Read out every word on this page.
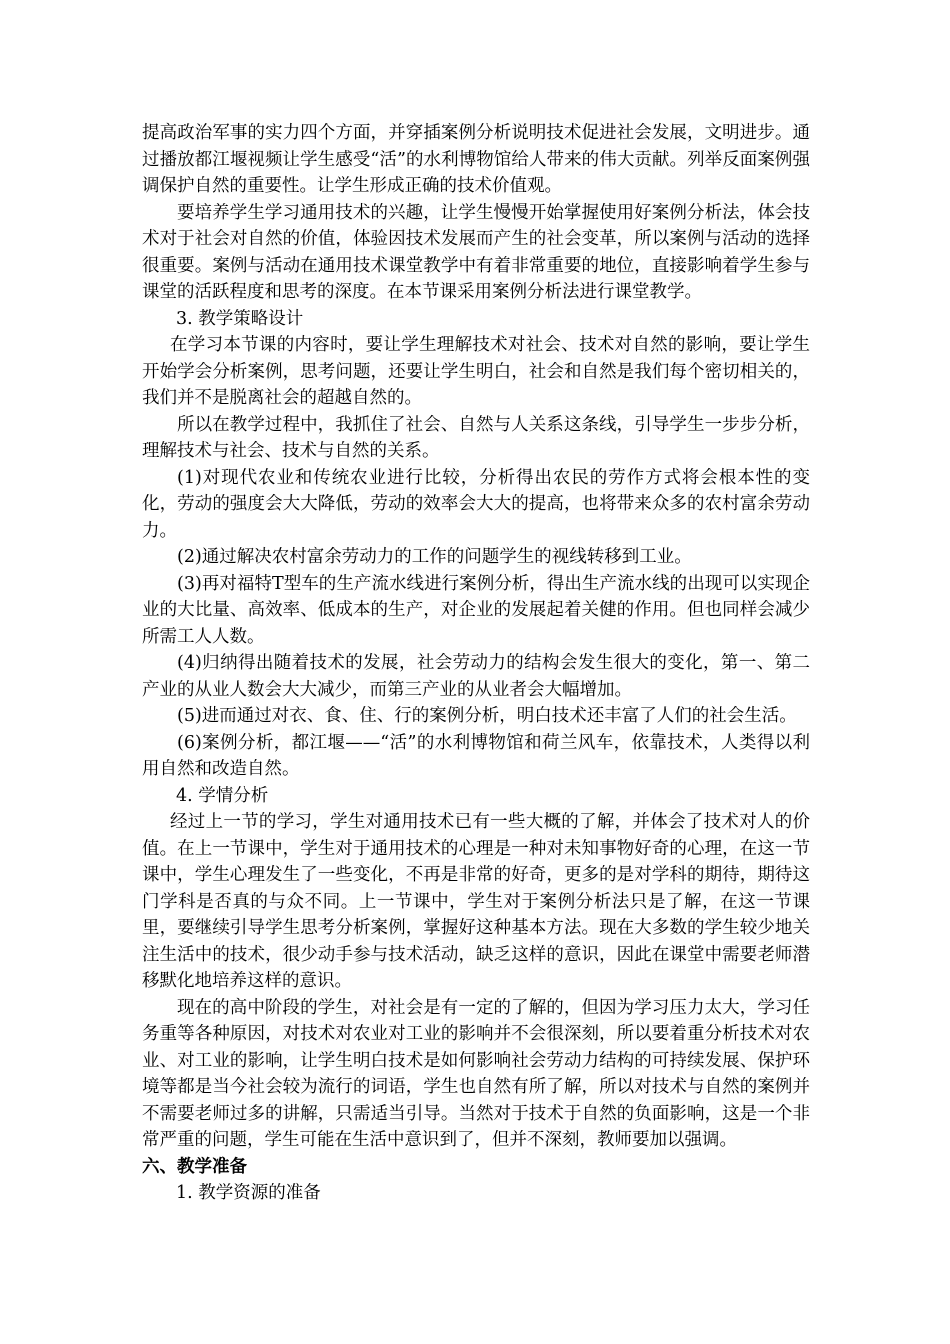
提高政治军事的实力四个方面，并穿插案例分析说明技术促进社会发展，文明进步。通过播放都江堰视频让学生感受“活”的水利博物馆给人带来的伟大贡献。列举反面案例强调保护自然的重要性。让学生形成正确的技术价值观。

要培养学生学习通用技术的兴趣，让学生慢慢开始掌握使用好案例分析法，体会技术对于社会对自然的价值，体验因技术发展而产生的社会变革，所以案例与活动的选择很重要。案例与活动在通用技术课堂教学中有着非常重要的地位，直接影响着学生参与课堂的活跃程度和思考的深度。在本节课采用案例分析法进行课堂教学。

3. 教学策略设计

在学习本节课的内容时，要让学生理解技术对社会、技术对自然的影响，要让学生开始学会分析案例，思考问题，还要让学生明白，社会和自然是我们每个密切相关的，我们并不是脱离社会的超越自然的。

所以在教学过程中，我抓住了社会、自然与人关系这条线，引导学生一步步分析，理解技术与社会、技术与自然的关系。

(1)对现代农业和传统农业进行比较，分析得出农民的劳作方式将会根本性的变化，劳动的强度会大大降低，劳动的效率会大大的提高，也将带来众多的农村富余劳动力。

(2)通过解决农村富余劳动力的工作的问题学生的视线转移到工业。

(3)再对福特T型车的生产流水线进行案例分析，得出生产流水线的出现可以实现企业的大比量、高效率、低成本的生产，对企业的发展起着关健的作用。但也同样会减少所需工人人数。

(4)归纳得出随着技术的发展，社会劳动力的结构会发生很大的变化，第一、第二产业的从业人数会大大减少，而第三产业的从业者会大幅增加。

(5)进而通过对衣、食、住、行的案例分析，明白技术还丰富了人们的社会生活。

(6)案例分析，都江堰——“活”的水利博物馆和荷兰风车，依靠技术，人类得以利用自然和改造自然。

4. 学情分析

经过上一节的学习，学生对通用技术已有一些大概的了解，并体会了技术对人的价值。在上一节课中，学生对于通用技术的心理是一种对未知事物好奇的心理，在这一节课中，学生心理发生了一些变化，不再是非常的好奇，更多的是对学科的期待，期待这门学科是否真的与众不同。上一节课中，学生对于案例分析法只是了解，在这一节课里，要继续引导学生思考分析案例，掌握好这种基本方法。现在大多数的学生较少地关注生活中的技术，很少动手参与技术活动，缺乏这样的意识，因此在课堂中需要老师潜移默化地培养这样的意识。

现在的高中阶段的学生，对社会是有一定的了解的，但因为学习压力太大，学习任务重等各种原因，对技术对农业对工业的影响并不会很深刻，所以要着重分析技术对农业、对工业的影响，让学生明白技术是如何影响社会劳动力结构的可持续发展、保护环境等都是当今社会较为流行的词语，学生也自然有所了解，所以对技术与自然的案例并不需要老师过多的讲解，只需适当引导。当然对于技术于自然的负面影响，这是一个非常严重的问题，学生可能在生活中意识到了，但并不深刻，教师要加以强调。

六、教学准备

1. 教学资源的准备
